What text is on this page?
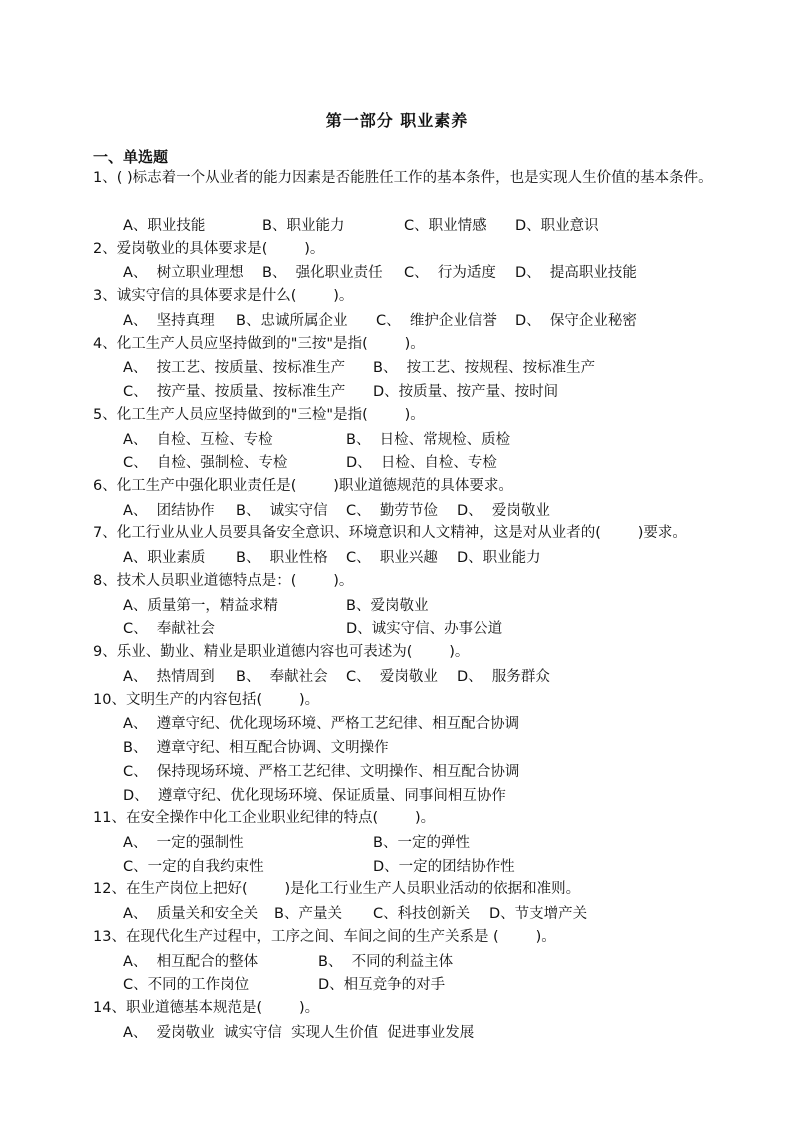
第一部分 职业素养
一、单选题
1、( )标志着一个从业者的能力因素是否能胜任工作的基本条件，也是实现人生价值的基本条件。
A、职业技能	B、职业能力	C、职业情感 D、职业意识
2、爱岗敬业的具体要求是(        )。
A、  树立职业理想 B、  强化职业责任 C、  行为适度 D、  提高职业技能
3、诚实守信的具体要求是什么(        )。
A、  坚持真理 B、忠诚所属企业 C、  维护企业信誉 D、  保守企业秘密
4、化工生产人员应坚持做到的"三按"是指(        )。
A、  按工艺、按质量、按标准生产 B、  按工艺、按规程、按标准生产
C、  按产量、按质量、按标准生产 D、按质量、按产量、按时间
5、化工生产人员应坚持做到的"三检"是指(        )。
A、  自检、互检、专检	B、  日检、常规检、质检
C、  自检、强制检、专检	D、  日检、自检、专检
6、化工生产中强化职业责任是(        )职业道德规范的具体要求。
A、  团结协作 B、  诚实守信 C、  勤劳节俭 D、  爱岗敬业
7、化工行业从业人员要具备安全意识、环境意识和人文精神，这是对从业者的(        )要求。
A、职业素质 B、  职业性格 C、  职业兴趣 D、职业能力
8、技术人员职业道德特点是：(        )。
A、质量第一，精益求精	B、爱岗敬业
C、  奉献社会	D、诚实守信、办事公道
9、乐业、勤业、精业是职业道德内容也可表述为(        )。
A、  热情周到 B、  奉献社会 C、  爱岗敬业 D、  服务群众
10、文明生产的内容包括(        )。
A、  遵章守纪、优化现场环境、严格工艺纪律、相互配合协调
B、  遵章守纪、相互配合协调、文明操作
C、  保持现场环境、严格工艺纪律、文明操作、相互配合协调
D、  遵章守纪、优化现场环境、保证质量、同事间相互协作
11、在安全操作中化工企业职业纪律的特点(        )。
A、  一定的强制性	B、一定的弹性
C、一定的自我约束性	D、一定的团结协作性
12、在生产岗位上把好(        )是化工行业生产人员职业活动的依据和准则。
A、  质量关和安全关 B、产量关 C、科技创新关 D、节支增产关
13、在现代化生产过程中，工序之间、车间之间的生产关系是 (        )。
A、  相互配合的整体	B、  不同的利益主体
C、不同的工作岗位	D、相互竞争的对手
14、职业道德基本规范是(        )。
A、  爱岗敬业  诚实守信  实现人生价值  促进事业发展
